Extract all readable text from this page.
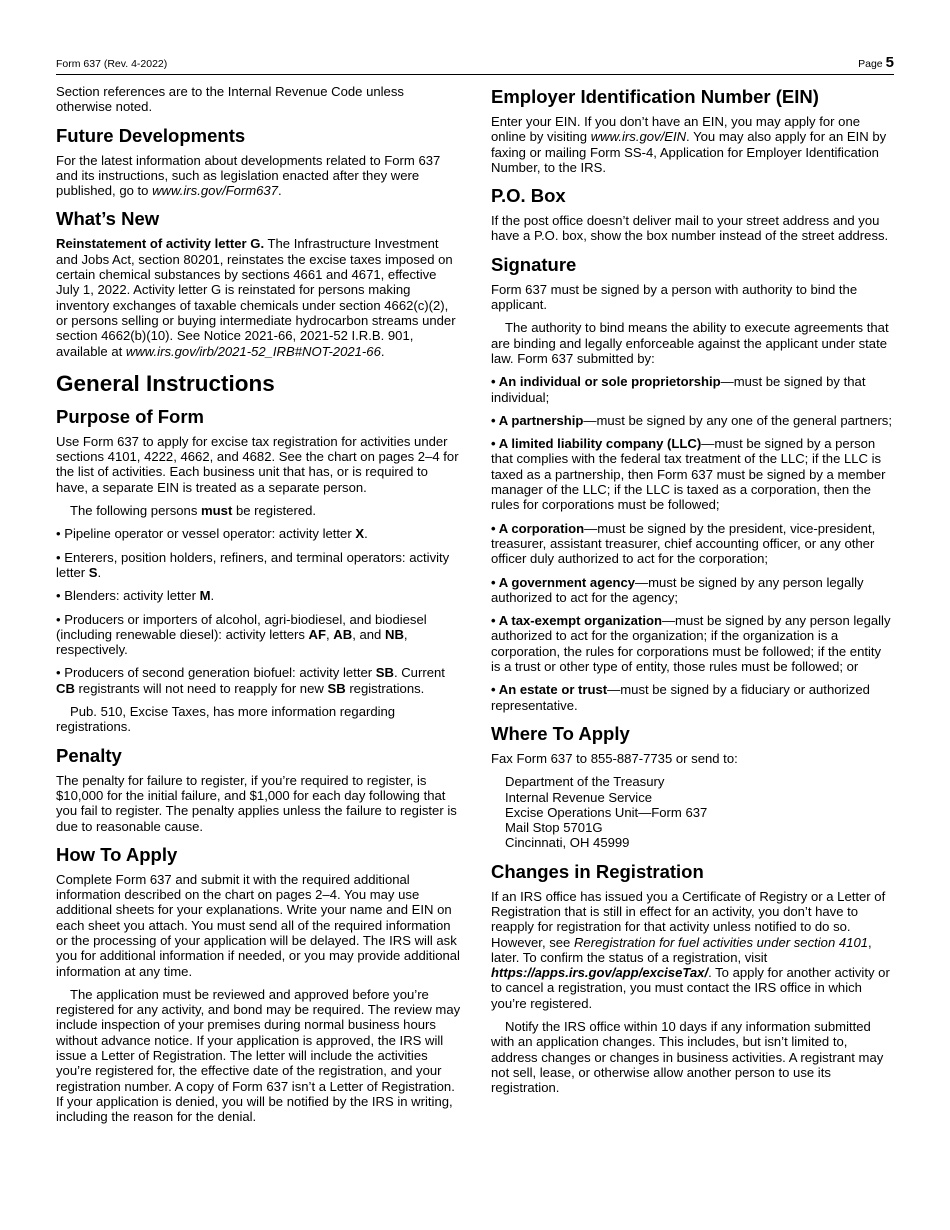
Form 637 (Rev. 4-2022)	Page 5

Section references are to the Internal Revenue Code unless otherwise noted.

Future Developments

For the latest information about developments related to Form 637 and its instructions, such as legislation enacted after they were published, go to www.irs.gov/Form637.

What’s New

Reinstatement of activity letter G. The Infrastructure Investment and Jobs Act, section 80201, reinstates the excise taxes imposed on certain chemical substances by sections 4661 and 4671, effective July 1, 2022. Activity letter G is reinstated for persons making inventory exchanges of taxable chemicals under section 4662(c)(2), or persons selling or buying intermediate hydrocarbon streams under section 4662(b)(10). See Notice 2021-66, 2021-52 I.R.B. 901, available at www.irs.gov/irb/2021-52_IRB#NOT-2021-66.

General Instructions
Purpose of Form

Use Form 637 to apply for excise tax registration for activities under sections 4101, 4222, 4662, and 4682. See the chart on pages 2–4 for the list of activities. Each business unit that has, or is required to have, a separate EIN is treated as a separate person.

The following persons must be registered.

• Pipeline operator or vessel operator: activity letter X.

• Enterers, position holders, refiners, and terminal operators: activity letter S.

• Blenders: activity letter M.

• Producers or importers of alcohol, agri-biodiesel, and biodiesel (including renewable diesel): activity letters AF, AB, and NB, respectively.

• Producers of second generation biofuel: activity letter SB. Current CB registrants will not need to reapply for new SB registrations.

Pub. 510, Excise Taxes, has more information regarding registrations.

Penalty

The penalty for failure to register, if you’re required to register, is $10,000 for the initial failure, and $1,000 for each day following that you fail to register. The penalty applies unless the failure to register is due to reasonable cause.

How To Apply

Complete Form 637 and submit it with the required additional information described on the chart on pages 2–4. You may use additional sheets for your explanations. Write your name and EIN on each sheet you attach. You must send all of the required information or the processing of your application will be delayed. The IRS will ask you for additional information if needed, or you may provide additional information at any time.

The application must be reviewed and approved before you’re registered for any activity, and bond may be required. The review may include inspection of your premises during normal business hours without advance notice. If your application is approved, the IRS will issue a Letter of Registration. The letter will include the activities you’re registered for, the effective date of the registration, and your registration number. A copy of Form 637 isn’t a Letter of Registration. If your application is denied, you will be notified by the IRS in writing, including the reason for the denial.

Employer Identification Number (EIN)

Enter your EIN. If you don’t have an EIN, you may apply for one online by visiting www.irs.gov/EIN. You may also apply for an EIN by faxing or mailing Form SS-4, Application for Employer Identification Number, to the IRS.

P.O. Box

If the post office doesn’t deliver mail to your street address and you have a P.O. box, show the box number instead of the street address.

Signature

Form 637 must be signed by a person with authority to bind the applicant.

The authority to bind means the ability to execute agreements that are binding and legally enforceable against the applicant under state law. Form 637 submitted by:

• An individual or sole proprietorship—must be signed by that individual;

• A partnership—must be signed by any one of the general partners;

• A limited liability company (LLC)—must be signed by a person that complies with the federal tax treatment of the LLC; if the LLC is taxed as a partnership, then Form 637 must be signed by a member manager of the LLC; if the LLC is taxed as a corporation, then the rules for corporations must be followed;

• A corporation—must be signed by the president, vice-president, treasurer, assistant treasurer, chief accounting officer, or any other officer duly authorized to act for the corporation;

• A government agency—must be signed by any person legally authorized to act for the agency;

• A tax-exempt organization—must be signed by any person legally authorized to act for the organization; if the organization is a corporation, the rules for corporations must be followed; if the entity is a trust or other type of entity, those rules must be followed; or

• An estate or trust—must be signed by a fiduciary or authorized representative.

Where To Apply

Fax Form 637 to 855-887-7735 or send to:

Department of the Treasury
Internal Revenue Service
Excise Operations Unit—Form 637
Mail Stop 5701G
Cincinnati, OH 45999
Changes in Registration

If an IRS office has issued you a Certificate of Registry or a Letter of Registration that is still in effect for an activity, you don’t have to reapply for registration for that activity unless notified to do so. However, see Reregistration for fuel activities under section 4101, later. To confirm the status of a registration, visit https://apps.irs.gov/app/exciseTax/. To apply for another activity or to cancel a registration, you must contact the IRS office in which you’re registered.

Notify the IRS office within 10 days if any information submitted with an application changes. This includes, but isn’t limited to, address changes or changes in business activities. A registrant may not sell, lease, or otherwise allow another person to use its registration.
